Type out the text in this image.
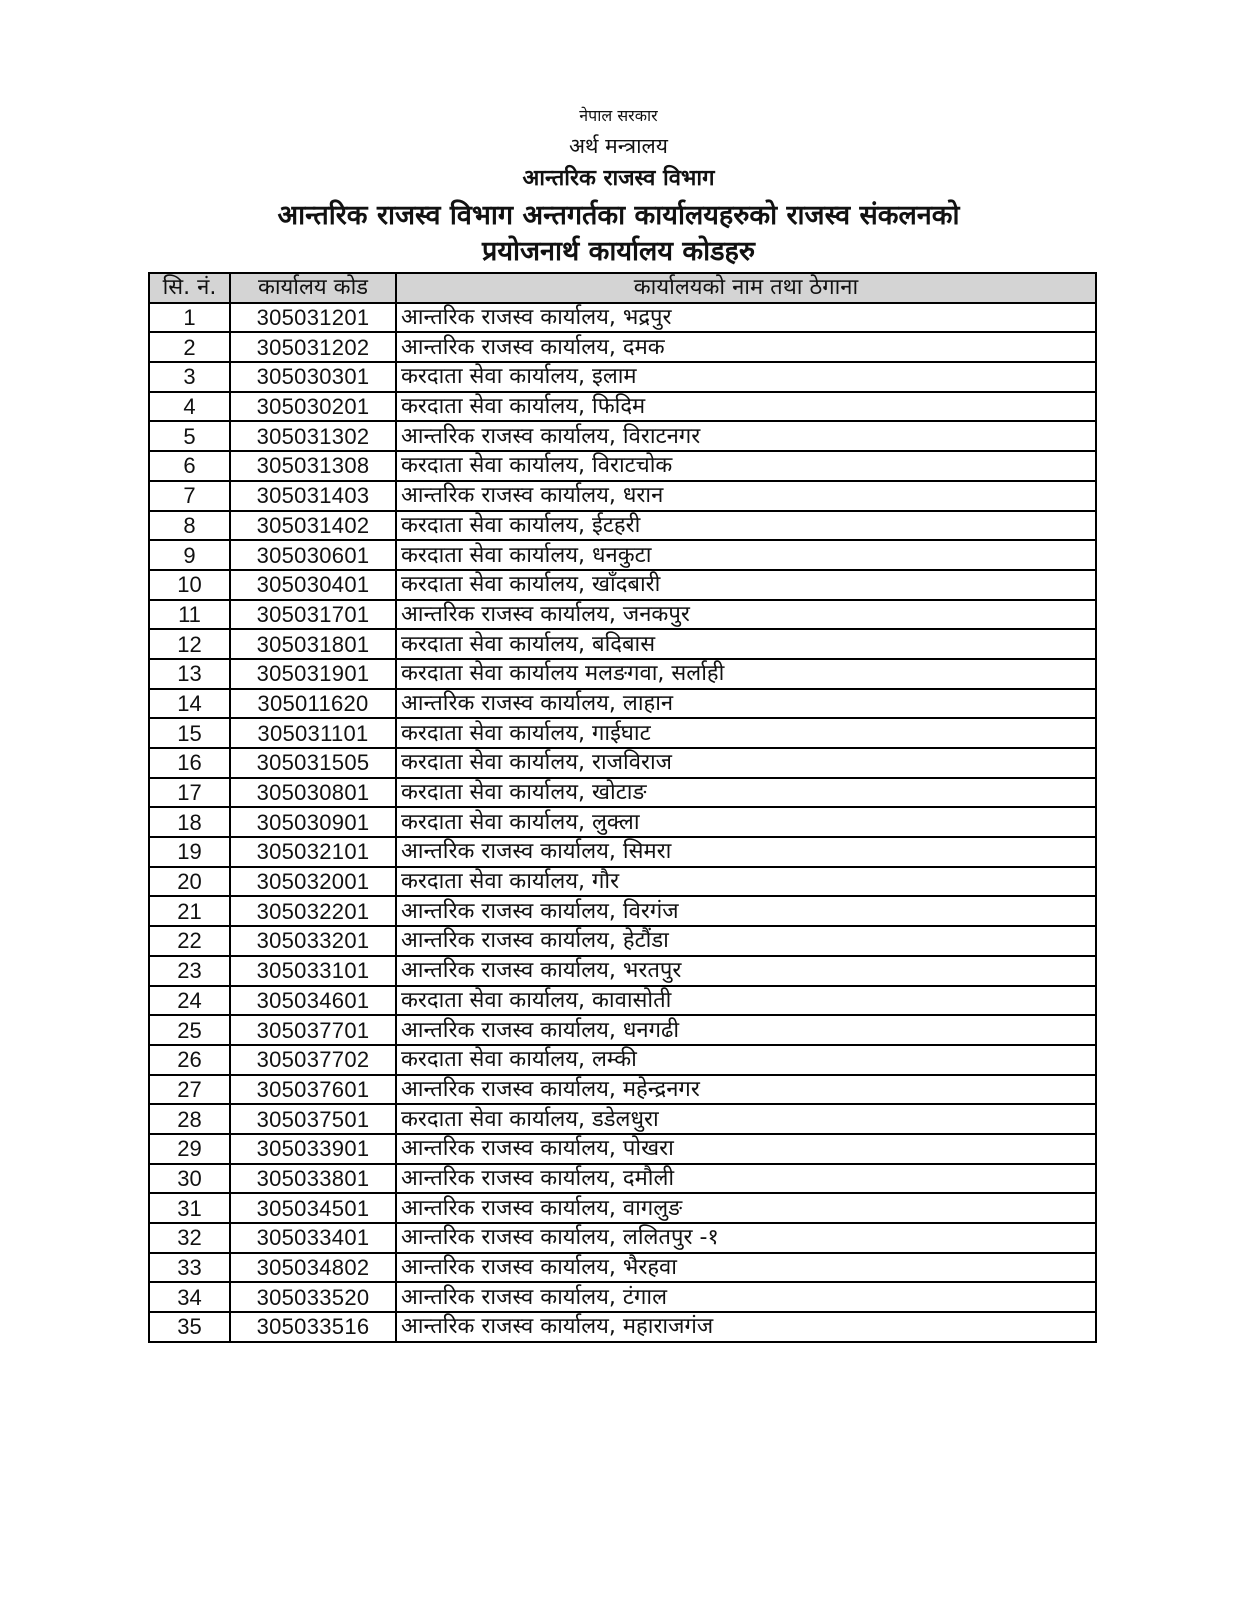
नेपाल सरकार
अर्थ मन्त्रालय
आन्तरिक राजस्व विभाग
आन्तरिक राजस्व विभाग अन्तगर्तका कार्यालयहरुको राजस्व संकलनको
प्रयोजनार्थ कार्यालय कोडहरु
सि. नं.	कार्यालय कोड	कार्यालयको नाम तथा ठेगाना
1	305031201	आन्तरिक राजस्व कार्यालय, भद्रपुर
2	305031202	आन्तरिक राजस्व कार्यालय, दमक
3	305030301	करदाता सेवा कार्यालय, इलाम
4	305030201	करदाता सेवा कार्यालय, फिदिम
5	305031302	आन्तरिक राजस्व कार्यालय, विराटनगर
6	305031308	करदाता सेवा कार्यालय, विराटचोक
7	305031403	आन्तरिक राजस्व कार्यालय, धरान
8	305031402	करदाता सेवा कार्यालय, ईटहरी
9	305030601	करदाता सेवा कार्यालय, धनकुटा
10	305030401	करदाता सेवा कार्यालय, खाँदबारी
11	305031701	आन्तरिक राजस्व कार्यालय, जनकपुर
12	305031801	करदाता सेवा कार्यालय, बदिबास
13	305031901	करदाता सेवा कार्यालय मलङगवा, सर्लाही
14	305011620	आन्तरिक राजस्व कार्यालय, लाहान
15	305031101	करदाता सेवा कार्यालय, गाईघाट
16	305031505	करदाता सेवा कार्यालय, राजविराज
17	305030801	करदाता सेवा कार्यालय, खोटाङ
18	305030901	करदाता सेवा कार्यालय, लुक्ला
19	305032101	आन्तरिक राजस्व कार्यालय, सिमरा
20	305032001	करदाता सेवा कार्यालय, गौर
21	305032201	आन्तरिक राजस्व कार्यालय, विरगंज
22	305033201	आन्तरिक राजस्व कार्यालय, हेटौंडा
23	305033101	आन्तरिक राजस्व कार्यालय, भरतपुर
24	305034601	करदाता सेवा कार्यालय, कावासोती
25	305037701	आन्तरिक राजस्व कार्यालय, धनगढी
26	305037702	करदाता सेवा कार्यालय, लम्की
27	305037601	आन्तरिक राजस्व कार्यालय, महेन्द्रनगर
28	305037501	करदाता सेवा कार्यालय, डडेलधुरा
29	305033901	आन्तरिक राजस्व कार्यालय, पोखरा
30	305033801	आन्तरिक राजस्व कार्यालय, दमौली
31	305034501	आन्तरिक राजस्व कार्यालय, वागलुङ
32	305033401	आन्तरिक राजस्व कार्यालय, ललितपुर -१
33	305034802	आन्तरिक राजस्व कार्यालय, भैरहवा
34	305033520	आन्तरिक राजस्व कार्यालय, टंगाल
35	305033516	आन्तरिक राजस्व कार्यालय, महाराजगंज
